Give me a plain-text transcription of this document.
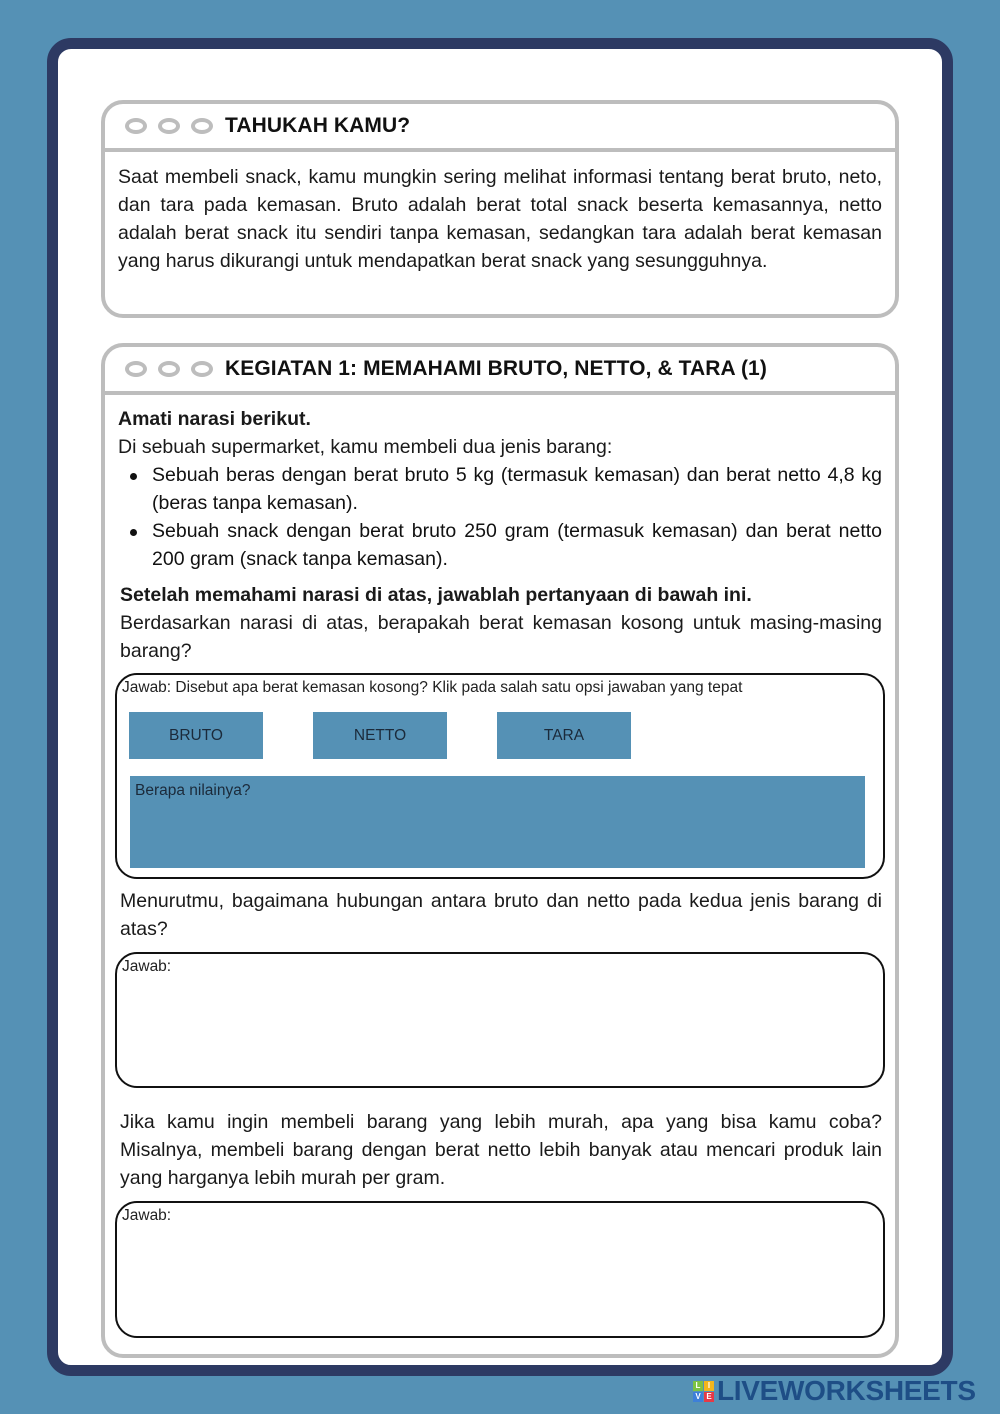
TAHUKAH KAMU?

Saat membeli snack, kamu mungkin sering melihat informasi tentang berat bruto, neto, dan tara pada kemasan. Bruto adalah berat total snack beserta kemasannya, netto adalah berat snack itu sendiri tanpa kemasan, sedangkan tara adalah berat kemasan yang harus dikurangi untuk mendapatkan berat snack yang sesungguhnya.

KEGIATAN 1: MEMAHAMI BRUTO, NETTO, & TARA (1)

Amati narasi berikut.

Di sebuah supermarket, kamu membeli dua jenis barang:

Sebuah beras dengan berat bruto 5 kg (termasuk kemasan) dan berat netto 4,8 kg (beras tanpa kemasan).
Sebuah snack dengan berat bruto 250 gram (termasuk kemasan) dan berat netto 200 gram (snack tanpa kemasan).

Setelah memahami narasi di atas, jawablah pertanyaan di bawah ini.

Berdasarkan narasi di atas, berapakah berat kemasan kosong untuk masing-masing barang?

Jawab: Disebut apa berat kemasan kosong? Klik pada salah satu opsi jawaban yang tepat
BRUTO	NETTO	TARA
Berapa nilainya?

Menurutmu, bagaimana hubungan antara bruto dan netto pada kedua jenis barang di atas?

Jawab:

Jika kamu ingin membeli barang yang lebih murah, apa yang bisa kamu coba? Misalnya, membeli barang dengan berat netto lebih banyak atau mencari produk lain yang harganya lebih murah per gram.

Jawab:
L I
V E LIVEWORKSHEETS
